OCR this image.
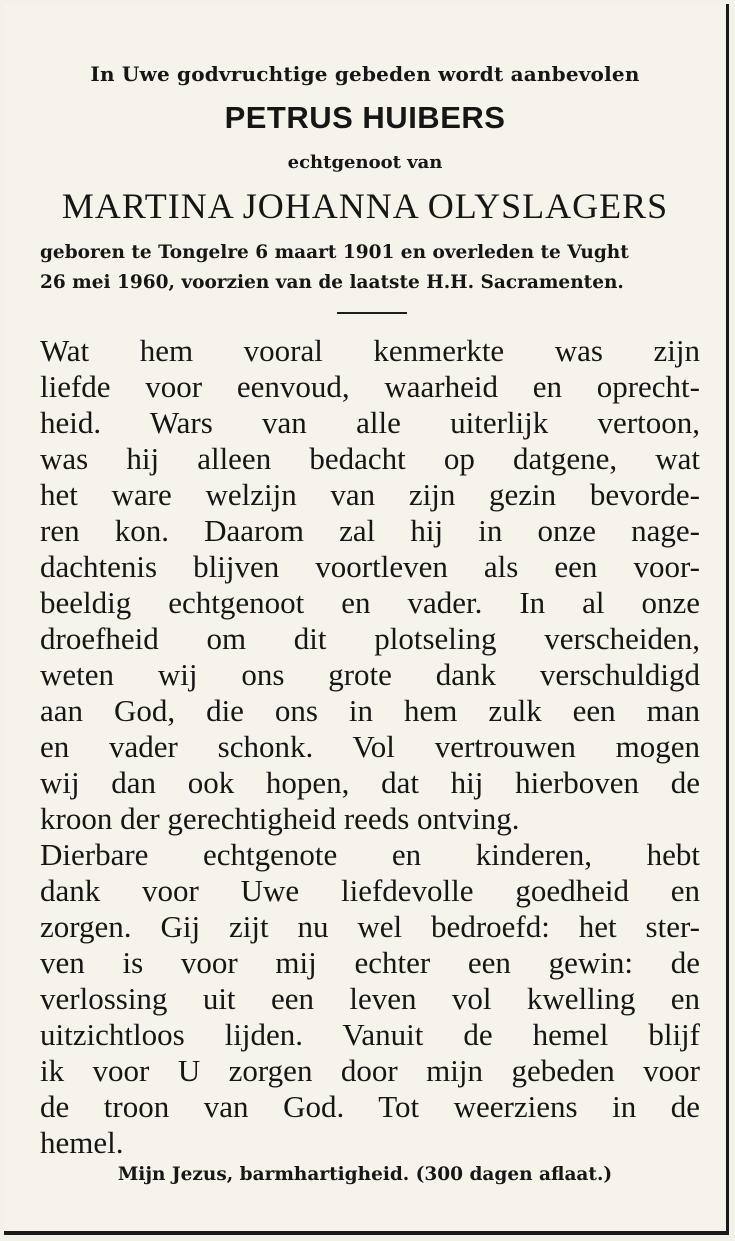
In Uwe godvruchtige gebeden wordt aanbevolen
PETRUS HUIBERS
echtgenoot van
MARTINA JOHANNA OLYSLAGERS
geboren te Tongelre 6 maart 1901 en overleden te Vught
26 mei 1960, voorzien van de laatste H.H. Sacramenten.
Wat hem vooral kenmerkte was zijn
liefde voor eenvoud, waarheid en oprecht-
heid. Wars van alle uiterlijk vertoon,
was hij alleen bedacht op datgene, wat
het ware welzijn van zijn gezin bevorde-
ren kon. Daarom zal hij in onze nage-
dachtenis blijven voortleven als een voor-
beeldig echtgenoot en vader. In al onze
droefheid om dit plotseling verscheiden,
weten wij ons grote dank verschuldigd
aan God, die ons in hem zulk een man
en vader schonk. Vol vertrouwen mogen
wij dan ook hopen, dat hij hierboven de
kroon der gerechtigheid reeds ontving.
Dierbare echtgenote en kinderen, hebt
dank voor Uwe liefdevolle goedheid en
zorgen. Gij zijt nu wel bedroefd: het ster-
ven is voor mij echter een gewin: de
verlossing uit een leven vol kwelling en
uitzichtloos lijden. Vanuit de hemel blijf
ik voor U zorgen door mijn gebeden voor
de troon van God. Tot weerziens in de
hemel.
Mijn Jezus, barmhartigheid. (300 dagen aflaat.)
